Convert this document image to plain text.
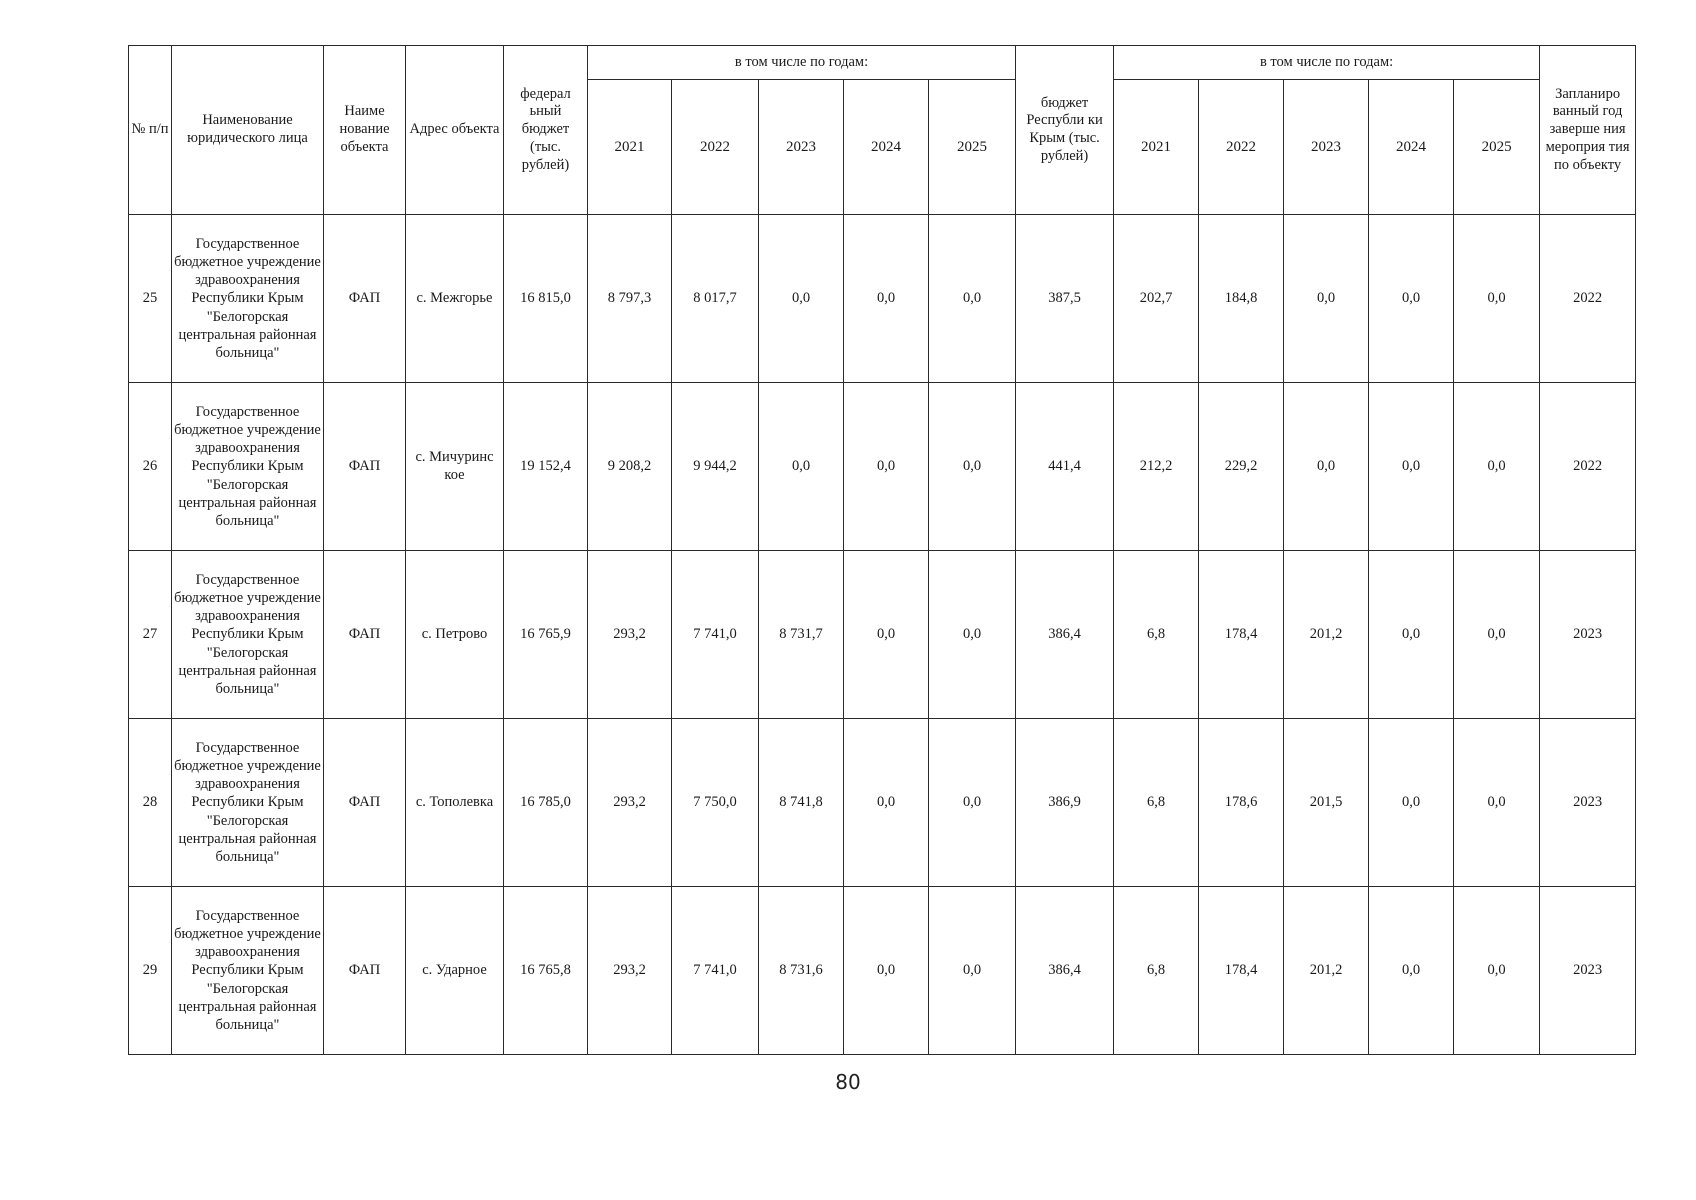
№ п/п	Наименование юридического лица	Наиме нование объекта	Адрес объекта	федерал ьный бюджет (тыс. рублей)	в том числе по годам:					бюджет Республи ки Крым (тыс. рублей)	в том числе по годам:					Запланиро ванный год заверше ния мероприя тия по объекту
					2021	2022	2023	2024	2025		2021	2022	2023	2024	2025	
25	Государственное бюджетное учреждение здравоохранения Республики Крым "Белогорская центральная районная больница"	ФАП	с. Межгорье	16 815,0	8 797,3	8 017,7	0,0	0,0	0,0	387,5	202,7	184,8	0,0	0,0	0,0	2022
26	Государственное бюджетное учреждение здравоохранения Республики Крым "Белогорская центральная районная больница"	ФАП	с. Мичуринс кое	19 152,4	9 208,2	9 944,2	0,0	0,0	0,0	441,4	212,2	229,2	0,0	0,0	0,0	2022
27	Государственное бюджетное учреждение здравоохранения Республики Крым "Белогорская центральная районная больница"	ФАП	с. Петрово	16 765,9	293,2	7 741,0	8 731,7	0,0	0,0	386,4	6,8	178,4	201,2	0,0	0,0	2023
28	Государственное бюджетное учреждение здравоохранения Республики Крым "Белогорская центральная районная больница"	ФАП	с. Тополевка	16 785,0	293,2	7 750,0	8 741,8	0,0	0,0	386,9	6,8	178,6	201,5	0,0	0,0	2023
29	Государственное бюджетное учреждение здравоохранения Республики Крым "Белогорская центральная районная больница"	ФАП	с. Ударное	16 765,8	293,2	7 741,0	8 731,6	0,0	0,0	386,4	6,8	178,4	201,2	0,0	0,0	2023
80
